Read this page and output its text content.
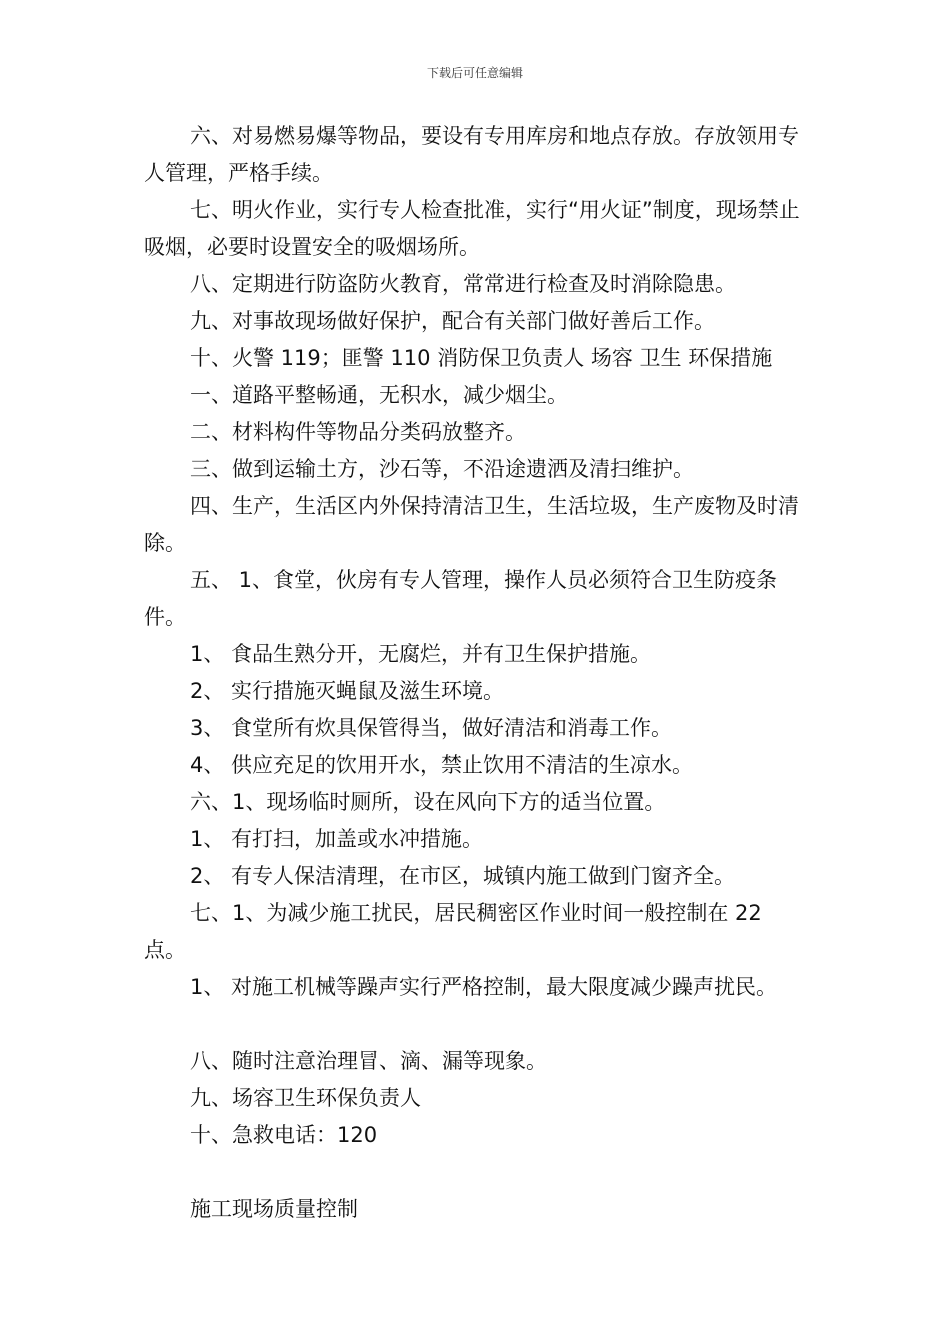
下载后可任意编辑

六、对易燃易爆等物品，要设有专用库房和地点存放。存放领用专人管理，严格手续。

七、明火作业，实行专人检查批准，实行“用火证”制度，现场禁止吸烟，必要时设置安全的吸烟场所。

八、定期进行防盗防火教育，常常进行检查及时消除隐患。

九、对事故现场做好保护，配合有关部门做好善后工作。

十、火警 119；匪警 110 消防保卫负责人 场容 卫生 环保措施

一、道路平整畅通，无积水，减少烟尘。

二、材料构件等物品分类码放整齐。

三、做到运输土方，沙石等，不沿途遗洒及清扫维护。

四、生产，生活区内外保持清洁卫生，生活垃圾，生产废物及时清除。

五、 1、食堂，伙房有专人管理，操作人员必须符合卫生防疫条件。

1、 食品生熟分开，无腐烂，并有卫生保护措施。

2、 实行措施灭蝇鼠及滋生环境。

3、 食堂所有炊具保管得当，做好清洁和消毒工作。

4、 供应充足的饮用开水，禁止饮用不清洁的生凉水。

六、1、现场临时厕所，设在风向下方的适当位置。

1、 有打扫，加盖或水冲措施。

2、 有专人保洁清理，在市区，城镇内施工做到门窗齐全。

七、1、为减少施工扰民，居民稠密区作业时间一般控制在 22 点。

1、 对施工机械等躁声实行严格控制，最大限度减少躁声扰民。

八、随时注意治理冒、滴、漏等现象。

九、场容卫生环保负责人

十、急救电话：120

施工现场质量控制
